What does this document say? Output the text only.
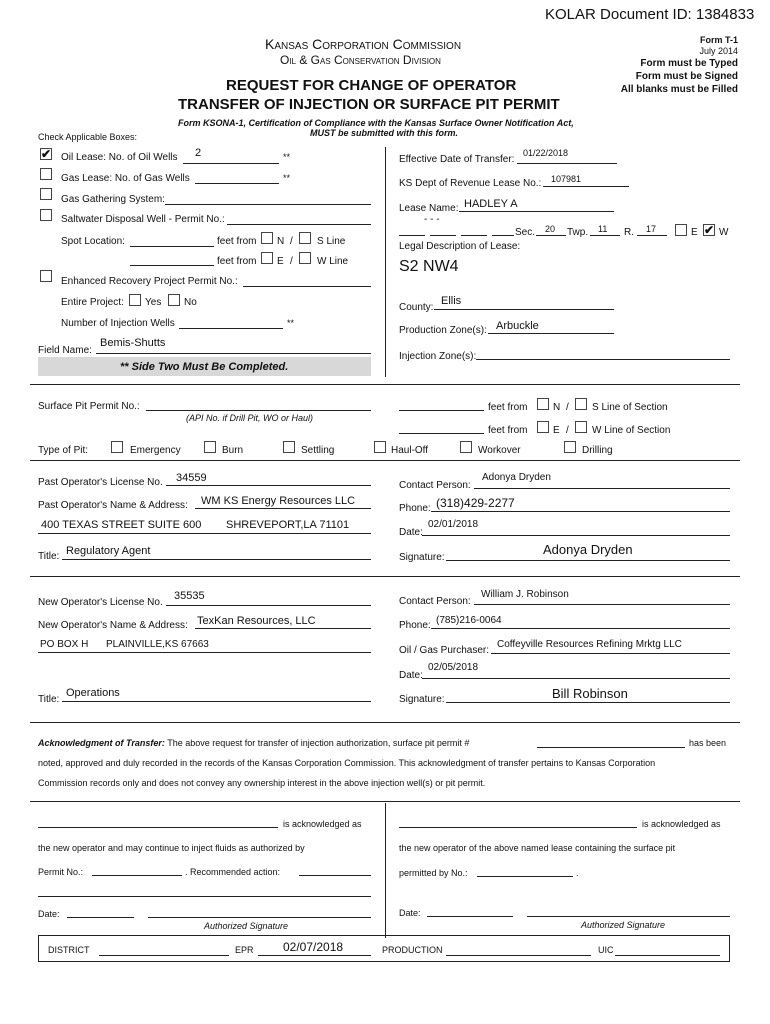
KOLAR Document ID: 1384833
Kansas Corporation Commission
Oil & Gas Conservation Division
Form T-1
July 2014
Form must be Typed
Form must be Signed
All blanks must be Filled
REQUEST FOR CHANGE OF OPERATOR
TRANSFER OF INJECTION OR SURFACE PIT PERMIT
Form KSONA-1, Certification of Compliance with the Kansas Surface Owner Notification Act,
MUST be submitted with this form.
Check Applicable Boxes:
✔ Oil Lease: No. of Oil Wells 2	**
Gas Lease: No. of Gas Wells	**
Gas Gathering System:
Saltwater Disposal Well - Permit No.:
Spot Location:	feet from N / S Line
feet from E / W Line
Enhanced Recovery Project Permit No.:
Entire Project: Yes No
Number of Injection Wells	**
Field Name:
Bemis-Shutts
** Side Two Must Be Completed.
Effective Date of Transfer:
01/22/2018
KS Dept of Revenue Lease No.: 107981
Lease Name: HADLEY A
- - -
Sec. 20 Twp. 11 R. 17	E ✔ W
Legal Description of Lease:
S2 NW4
County:
Ellis
Production Zone(s): Arbuckle
Injection Zone(s):
Surface Pit Permit No.:
(API No. if Drill Pit, WO or Haul)
feet from	N / S Line of Section
feet from	E / W Line of Section
Type of Pit:	Emergency	Burn	Settling	Haul-Off	Workover	Drilling
Past Operator's License No. 34559
Past Operator's Name & Address: WM KS Energy Resources LLC
400 TEXAS STREET SUITE 600 SHREVEPORT,LA 71101
Title: Regulatory Agent
Contact Person:
Adonya Dryden
Phone: (318)429-2277
Date:
02/01/2018
Signature:
Adonya Dryden
New Operator's License No.
35535
New Operator's Name & Address: TexKan Resources, LLC
PO BOX H PLAINVILLE,KS 67663
Title:
Operations
Contact Person:
William J. Robinson
Phone: (785)216-0064
Oil / Gas Purchaser:
Coffeyville Resources Refining Mrktg LLC
Date:
02/05/2018
Signature:	Bill Robinson
Acknowledgment of Transfer: The above request for transfer of injection authorization, surface pit permit #	has been
noted, approved and duly recorded in the records of the Kansas Corporation Commission. This acknowledgment of transfer pertains to Kansas Corporation
Commission records only and does not convey any ownership interest in the above injection well(s) or pit permit.
is acknowledged as	is acknowledged as
the new operator and may continue to inject fluids as authorized by	the new operator of the above named lease containing the surface pit
Permit No.:	. Recommended action:	permitted by No.:	.
Date:
Authorized Signature
Date:
Authorized Signature
DISTRICT	EPR 02/07/2018	PRODUCTION	UIC
